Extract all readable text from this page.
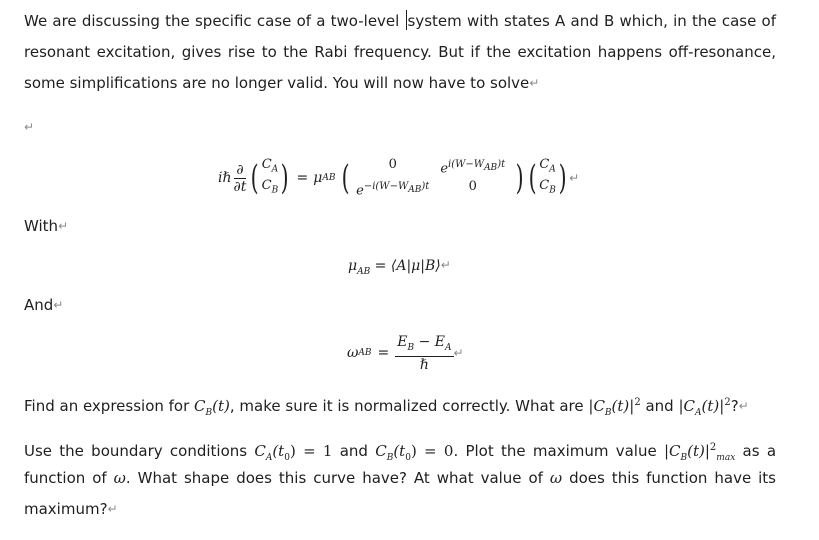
We are discussing the specific case of a two-level system with states A and B which, in the case of
resonant excitation, gives rise to the Rabi frequency. But if the excitation happens off-resonance,
some simplifications are no longer valid. You will now have to solve↵
↵
iℏ $\frac{\partial}{\partial t}$ ( $C_A$
$C_B$ ) = μ AB (	0	$e^{i(W-W_{AB})t}$
$e^{-i(W-W_{AB})t}$	0	) ( $C_A$
$C_B$ ) ↵
With↵
$\mu_{AB}$ = ⟨A|μ|B⟩↵
And↵
ω AB = $\frac{E_B - E_A}{\text{ℏ}}$ ↵
Find an expression for $C_B(t)$, make sure it is normalized correctly. What are $|C_B(t)|^2$ and $|C_A(t)|^2?↵$
Use the boundary conditions $C_A(t_0) = 1$ and $C_B(t_0) = 0$. Plot the maximum value $|C_B(t)|^2_{max}$ as a
function of ω. What shape does this curve have? At what value of ω does this function have its
maximum?↵
